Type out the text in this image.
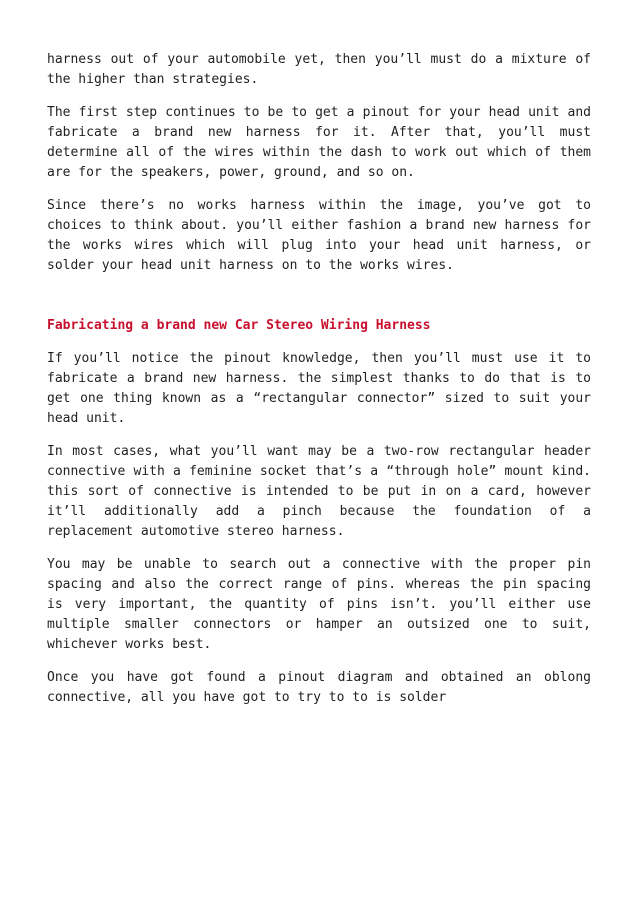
harness out of your automobile yet, then you’ll must do a mixture of the higher than strategies.

The first step continues to be to get a pinout for your head unit and fabricate a brand new harness for it. After that, you’ll must determine all of the wires within the dash to work out which of them are for the speakers, power, ground, and so on.

Since there’s no works harness within the image, you’ve got to choices to think about. you’ll either fashion a brand new harness for the works wires which will plug into your head unit harness, or solder your head unit harness on to the works wires.

Fabricating a brand new Car Stereo Wiring Harness

If you’ll notice the pinout knowledge, then you’ll must use it to fabricate a brand new harness. the simplest thanks to do that is to get one thing known as a “rectangular connector” sized to suit your head unit.

In most cases, what you’ll want may be a two-row rectangular header connective with a feminine socket that’s a “through hole” mount kind. this sort of connective is intended to be put in on a card, however it’ll additionally add a pinch because the foundation of a replacement automotive stereo harness.

You may be unable to search out a connective with the proper pin spacing and also the correct range of pins. whereas the pin spacing is very important, the quantity of pins isn’t. you’ll either use multiple smaller connectors or hamper an outsized one to suit, whichever works best.

Once you have got found a pinout diagram and obtained an oblong connective, all you have got to try to to is solder
